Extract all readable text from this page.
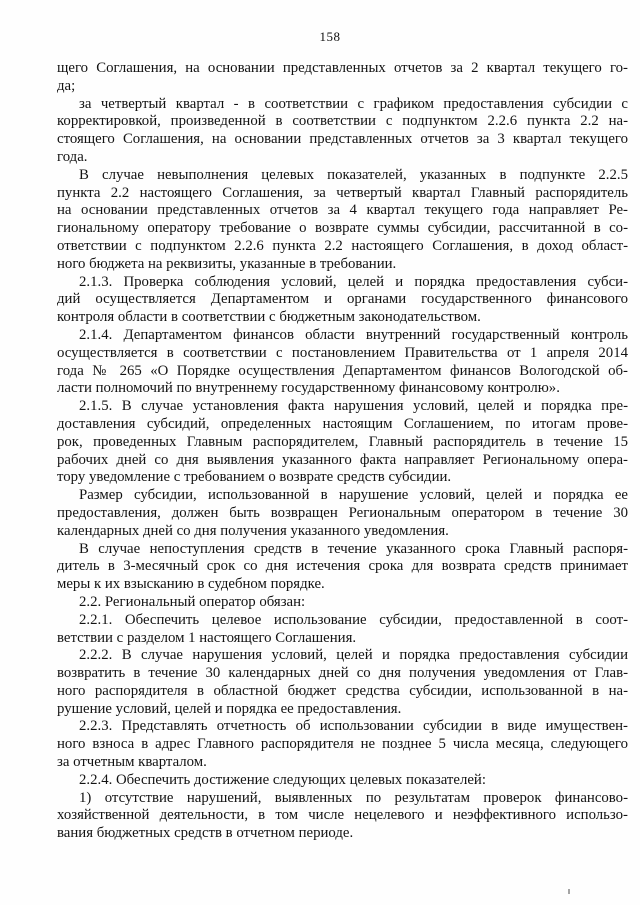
158

щего Соглашения, на основании представленных отчетов за 2 квартал текущего го-
да;

за четвертый квартал - в соответствии с графиком предоставления субсидии с
корректировкой, произведенной в соответствии с подпунктом 2.2.6 пункта 2.2 на-
стоящего Соглашения, на основании представленных отчетов за 3 квартал текущего
года.

В случае невыполнения целевых показателей, указанных в подпункте 2.2.5
пункта 2.2 настоящего Соглашения, за четвертый квартал Главный распорядитель
на основании представленных отчетов за 4 квартал текущего года направляет Ре-
гиональному оператору требование о возврате суммы субсидии, рассчитанной в со-
ответствии с подпунктом 2.2.6 пункта 2.2 настоящего Соглашения, в доход област-
ного бюджета на реквизиты, указанные в требовании.

2.1.3. Проверка соблюдения условий, целей и порядка предоставления субси-
дий осуществляется Департаментом и органами государственного финансового
контроля области в соответствии с бюджетным законодательством.

2.1.4. Департаментом финансов области внутренний государственный контроль
осуществляется в соответствии с постановлением Правительства от 1 апреля 2014
года № 265 «О Порядке осуществления Департаментом финансов Вологодской об-
ласти полномочий по внутреннему государственному финансовому контролю».

2.1.5. В случае установления факта нарушения условий, целей и порядка пре-
доставления субсидий, определенных настоящим Соглашением, по итогам прове-
рок, проведенных Главным распорядителем, Главный распорядитель в течение 15
рабочих дней со дня выявления указанного факта направляет Региональному опера-
тору уведомление с требованием о возврате средств субсидии.

Размер субсидии, использованной в нарушение условий, целей и порядка ее
предоставления, должен быть возвращен Региональным оператором в течение 30
календарных дней со дня получения указанного уведомления.

В случае непоступления средств в течение указанного срока Главный распоря-
дитель в 3-месячный срок со дня истечения срока для возврата средств принимает
меры к их взысканию в судебном порядке.

2.2. Региональный оператор обязан:

2.2.1. Обеспечить целевое использование субсидии, предоставленной в соот-
ветствии с разделом 1 настоящего Соглашения.

2.2.2. В случае нарушения условий, целей и порядка предоставления субсидии
возвратить в течение 30 календарных дней со дня получения уведомления от Глав-
ного распорядителя в областной бюджет средства субсидии, использованной в на-
рушение условий, целей и порядка ее предоставления.

2.2.3. Представлять отчетность об использовании субсидии в виде имуществен-
ного взноса в адрес Главного распорядителя не позднее 5 числа месяца, следующего
за отчетным кварталом.

2.2.4. Обеспечить достижение следующих целевых показателей:

1) отсутствие нарушений, выявленных по результатам проверок финансово-
хозяйственной деятельности, в том числе нецелевого и неэффективного использо-
вания бюджетных средств в отчетном периоде.
